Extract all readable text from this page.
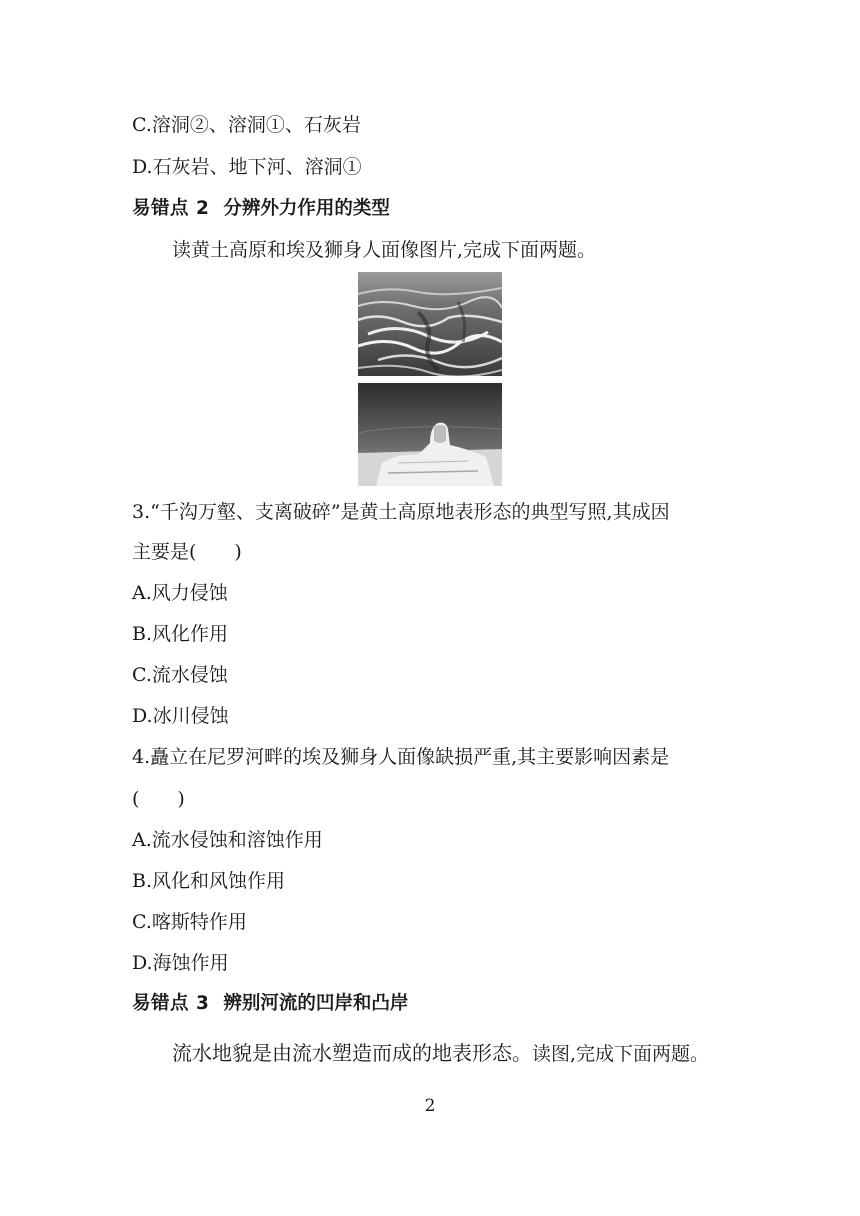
C.溶洞②、溶洞①、石灰岩
D.石灰岩、地下河、溶洞①
易错点 2 分辨外力作用的类型
读黄土高原和埃及狮身人面像图片,完成下面两题。
3.“千沟万壑、支离破碎”是黄土高原地表形态的典型写照,其成因
主要是(　　)
A.风力侵蚀
B.风化作用
C.流水侵蚀
D.冰川侵蚀
4.矗立在尼罗河畔的埃及狮身人面像缺损严重,其主要影响因素是
(　　)
A.流水侵蚀和溶蚀作用
B.风化和风蚀作用
C.喀斯特作用
D.海蚀作用
易错点 3 辨别河流的凹岸和凸岸
流水地貌是由流水塑造而成的地表形态。读图,完成下面两题。
2
